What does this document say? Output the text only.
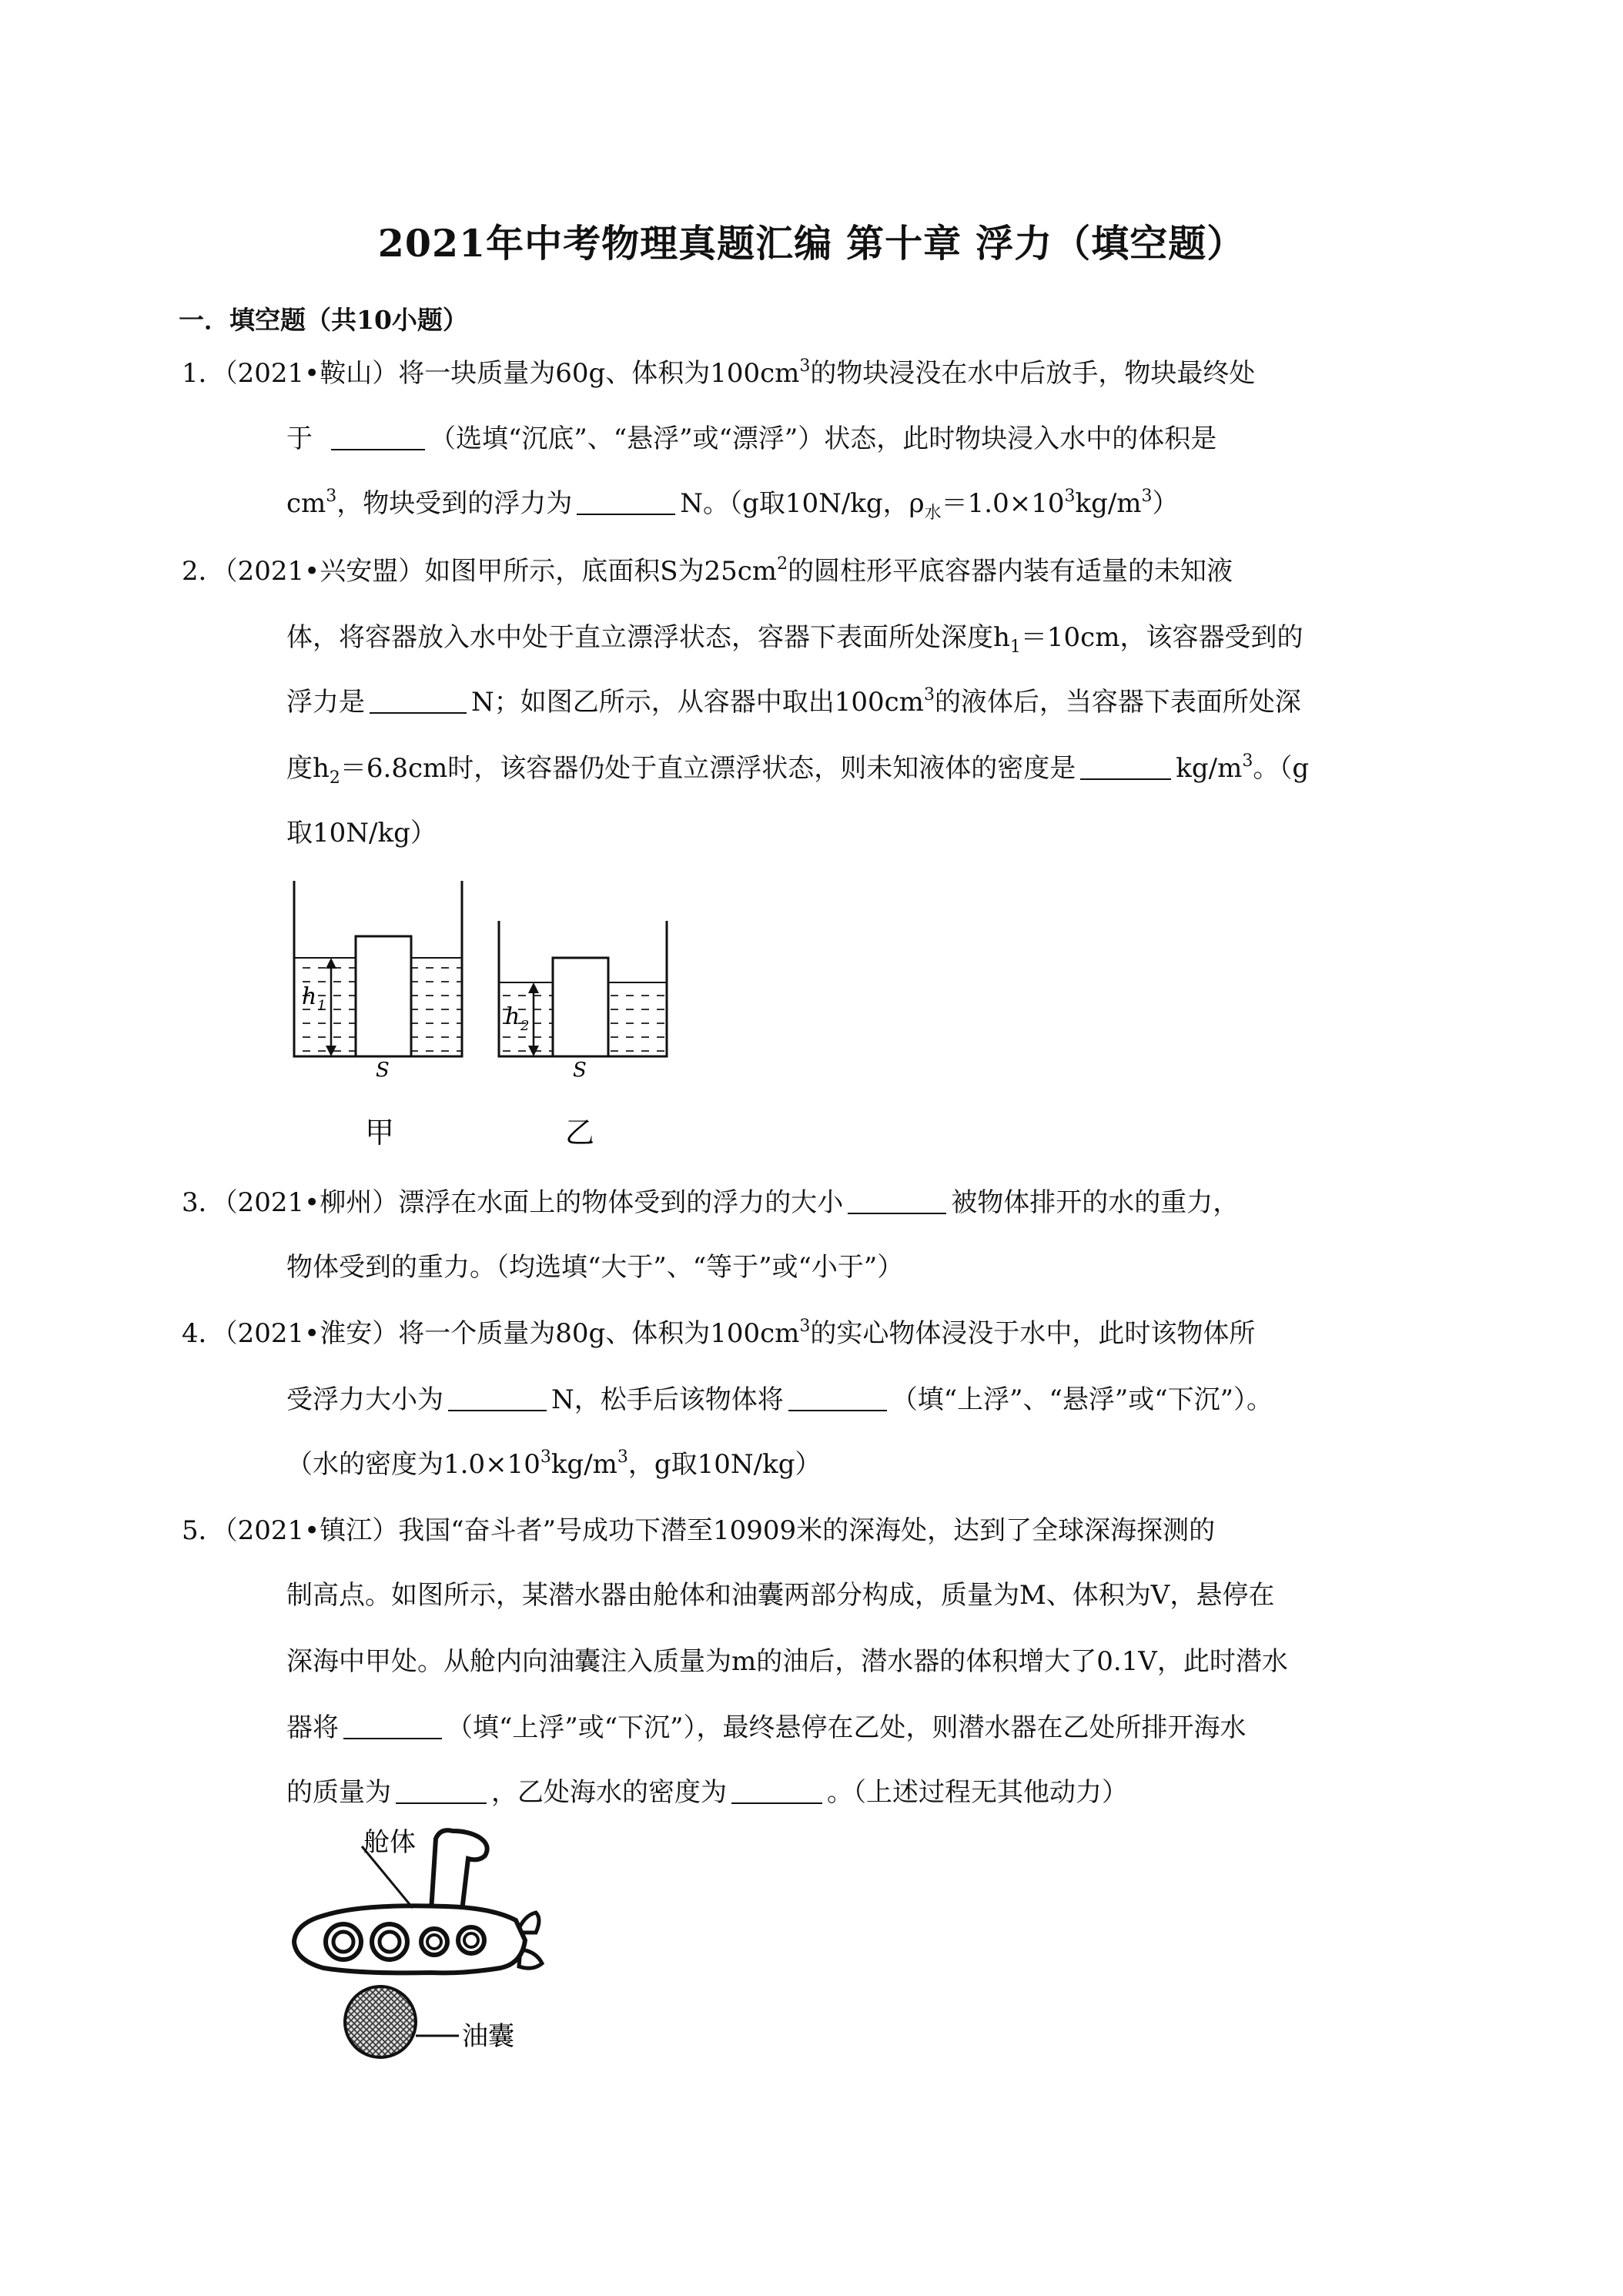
2021年中考物理真题汇编 第十章 浮力（填空题）
一．填空题（共10小题）
1．（2021•鞍山）将一块质量为60g、体积为$100cm^3$的物块浸没在水中后放手，物块最终处
于	（选填“沉底”、“悬浮”或“漂浮”）状态，此时物块浸入水中的体积是
$cm^3$，物块受到的浮力为	N。（g取10N/kg，$\rho_水=1.0\times 10^3kg/m^3$）
2．（2021•兴安盟）如图甲所示，底面积S为$25cm^2$的圆柱形平底容器内装有适量的未知液
体，将容器放入水中处于直立漂浮状态，容器下表面所处深度$h_1=10cm$，该容器受到的
浮力是	N；如图乙所示，从容器中取出$100cm^3$的液体后，当容器下表面所处深
度$h_2=6.8cm$时，该容器仍处于直立漂浮状态，则未知液体的密度是	$kg/m^3$。（g
取10N/kg）
h 1
S
甲
h 2
S
乙
3．（2021•柳州）漂浮在水面上的物体受到的浮力的大小	被物体排开的水的重力，
物体受到的重力。（均选填“大于”、“等于”或“小于”）
4．（2021•淮安）将一个质量为80g、体积为$100cm^3$的实心物体浸没于水中，此时该物体所
受浮力大小为	N，松手后该物体将	（填“上浮”、“悬浮”或“下沉”）。
（水的密度为$1.0\times 10^3kg/m^3$，g取10N/kg）
5．（2021•镇江）我国“奋斗者”号成功下潜至10909米的深海处，达到了全球深海探测的
制高点。如图所示，某潜水器由舱体和油囊两部分构成，质量为M、体积为V，悬停在
深海中甲处。从舱内向油囊注入质量为m的油后，潜水器的体积增大了0.1V，此时潜水
器将	（填“上浮”或“下沉”），最终悬停在乙处，则潜水器在乙处所排开海水
的质量为	，乙处海水的密度为	。（上述过程无其他动力）
舱体
油囊
